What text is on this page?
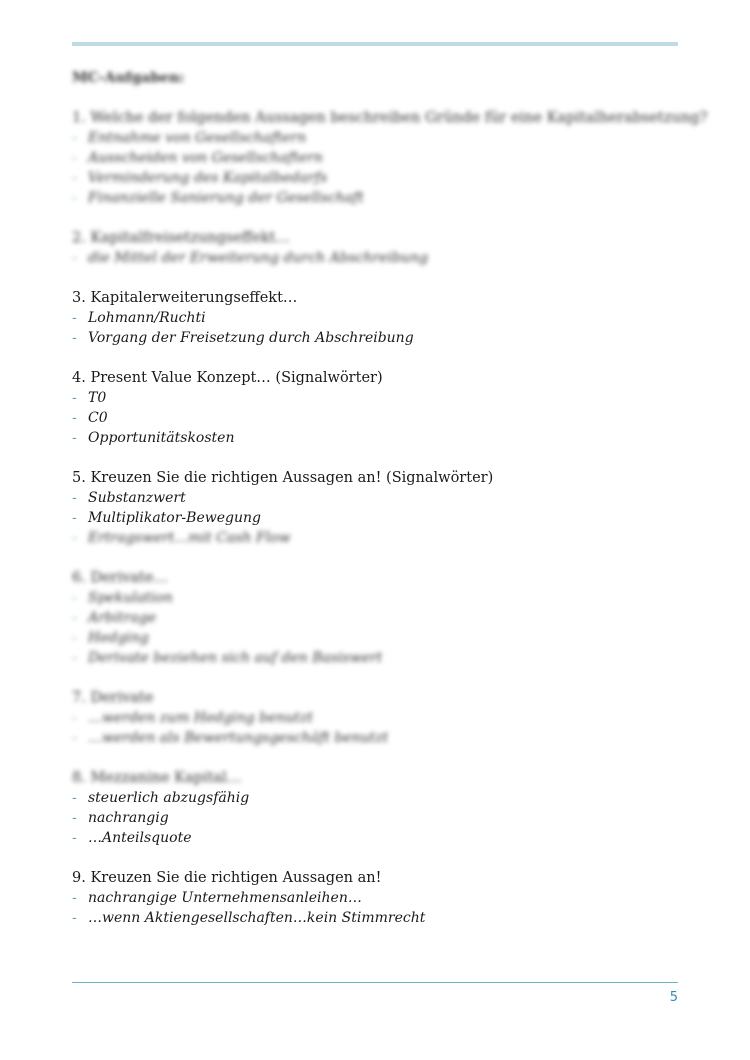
MC-Aufgaben:
1. Welche der folgenden Aussagen beschreiben Gründe für eine Kapitalherabsetzung?
- Entnahme von Gesellschaftern
- Ausscheiden von Gesellschaftern
- Verminderung des Kapitalbedarfs
- Finanzielle Sanierung der Gesellschaft
2. Kapitalfreisetzungseffekt…
- die Mittel der Erweiterung durch Abschreibung
3. Kapitalerweiterungseffekt…
- Lohmann/Ruchti
- Vorgang der Freisetzung durch Abschreibung
4. Present Value Konzept… (Signalwörter)
- T0
- C0
- Opportunitätskosten
5. Kreuzen Sie die richtigen Aussagen an! (Signalwörter)
- Substanzwert
- Multiplikator-Bewegung
- Ertragswert…mit Cash Flow
6. Derivate…
- Spekulation
- Arbitrage
- Hedging
- Derivate beziehen sich auf den Basiswert
7. Derivate
- …werden zum Hedging benutzt
- …werden als Bewertungsgeschäft benutzt
8. Mezzanine Kapital…
- steuerlich abzugsfähig
- nachrangig
- …Anteilsquote
9. Kreuzen Sie die richtigen Aussagen an!
- nachrangige Unternehmensanleihen…
- …wenn Aktiengesellschaften…kein Stimmrecht
5
